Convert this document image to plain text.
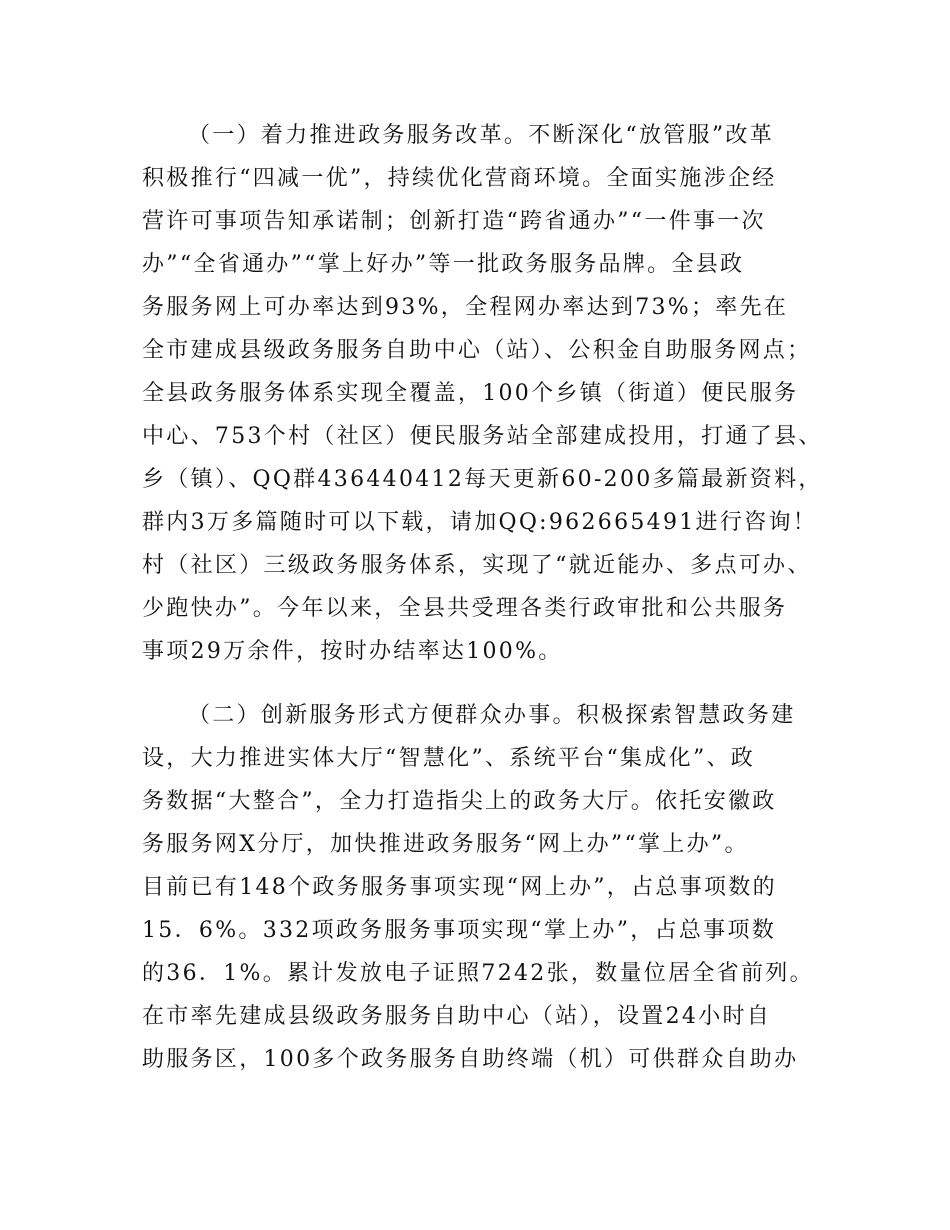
（一）着力推进政务服务改革。不断深化“放管服”改革
积极推行“四减一优”，持续优化营商环境。全面实施涉企经
营许可事项告知承诺制；创新打造“跨省通办”“一件事一次
办”“全省通办”“掌上好办”等一批政务服务品牌。全县政
务服务网上可办率达到93%，全程网办率达到73%；率先在
全市建成县级政务服务自助中心（站）、公积金自助服务网点；
全县政务服务体系实现全覆盖，100个乡镇（街道）便民服务
中心、753个村（社区）便民服务站全部建成投用，打通了县、
乡（镇）、QQ群436440412每天更新60-200多篇最新资料，
群内3万多篇随时可以下载，请加QQ:962665491进行咨询！
村（社区）三级政务服务体系，实现了“就近能办、多点可办、
少跑快办”。今年以来，全县共受理各类行政审批和公共服务
事项29万余件，按时办结率达100%。
（二）创新服务形式方便群众办事。积极探索智慧政务建
设，大力推进实体大厅“智慧化”、系统平台“集成化”、政
务数据“大整合”，全力打造指尖上的政务大厅。依托安徽政
务服务网X分厅，加快推进政务服务“网上办”“掌上办”。
目前已有148个政务服务事项实现“网上办”，占总事项数的
15．6%。332项政务服务事项实现“掌上办”，占总事项数
的36．1%。累计发放电子证照7242张，数量位居全省前列。
在市率先建成县级政务服务自助中心（站），设置24小时自
助服务区，100多个政务服务自助终端（机）可供群众自助办
